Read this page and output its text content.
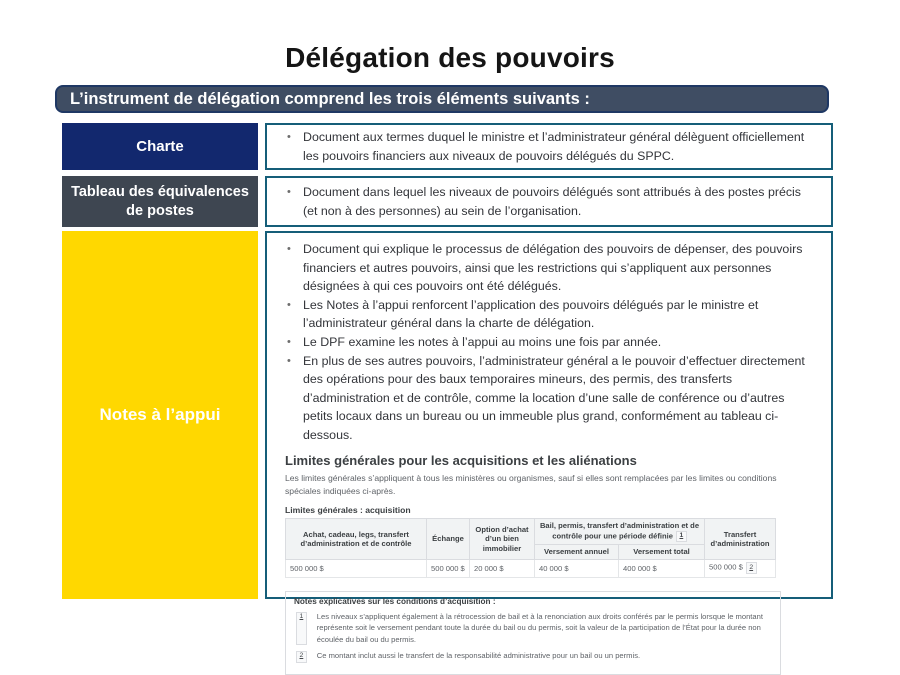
Délégation des pouvoirs
L’instrument de délégation comprend les trois éléments suivants :
Charte
• Document aux termes duquel le ministre et l’administrateur général délèguent officiellement les pouvoirs financiers aux niveaux de pouvoirs délégués du SPPC.
Tableau des équivalences de postes
• Document dans lequel les niveaux de pouvoirs délégués sont attribués à des postes précis (et non à des personnes) au sein de l’organisation.
Notes à l’appui
• Document qui explique le processus de délégation des pouvoirs de dépenser, des pouvoirs financiers et autres pouvoirs, ainsi que les restrictions qui s’appliquent aux personnes désignées à qui ces pouvoirs ont été délégués.
• Les Notes à l’appui renforcent l’application des pouvoirs délégués par le ministre et l’administrateur général dans la charte de délégation.
• Le DPF examine les notes à l’appui au moins une fois par année.
• En plus de ses autres pouvoirs, l’administrateur général a le pouvoir d’effectuer directement des opérations pour des baux temporaires mineurs, des permis, des transferts d’administration et de contrôle, comme la location d’une salle de conférence ou d’autres petits locaux dans un bureau ou un immeuble plus grand, conformément au tableau ci-dessous.
Limites générales pour les acquisitions et les aliénations

Les limites générales s’appliquent à tous les ministères ou organismes, sauf si elles sont remplacées par les limites ou conditions spéciales indiquées ci-après.

Limites générales : acquisition
Achat, cadeau, legs, transfert d’administration et de contrôle	Échange	Option d’achat d’un bien immobilier	Bail, permis, transfert d’administration et de contrôle pour une période définie 1		Transfert d’administration
			Versement annuel	Versement total	
500 000 $	500 000 $	20 000 $	40 000 $	400 000 $	500 000 $ 2
Notes explicatives sur les conditions d’acquisition :
1	Les niveaux s’appliquent également à la rétrocession de bail et à la renonciation aux droits conférés par le permis lorsque le montant représente soit le versement pendant toute la durée du bail ou du permis, soit la valeur de la participation de l’État pour la durée non écoulée du bail ou du permis.
2	Ce montant inclut aussi le transfert de la responsabilité administrative pour un bail ou un permis.
